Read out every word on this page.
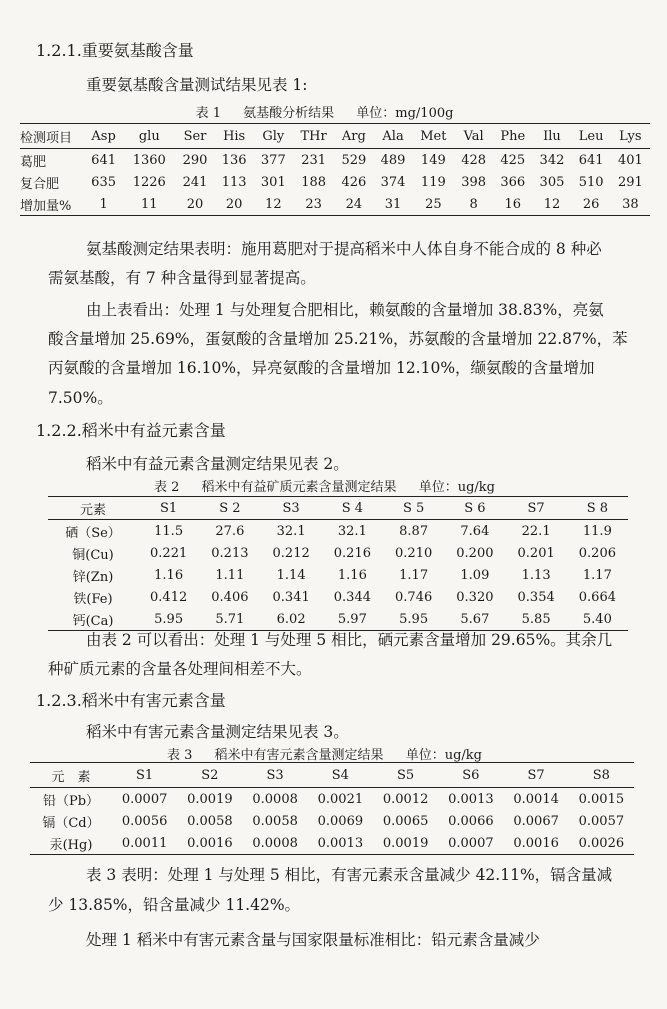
1.2.1.重要氨基酸含量
重要氨基酸含量测试结果见表 1:
表 1 氨基酸分析结果 单位：mg/100g
检测项目	Asp	glu	Ser	His	Gly	THr	Arg	Ala	Met	Val	Phe	Ilu	Leu	Lys
葛肥	641	1360	290	136	377	231	529	489	149	428	425	342	641	401
复合肥	635	1226	241	113	301	188	426	374	119	398	366	305	510	291
增加量%	1	11	20	20	12	23	24	31	25	8	16	12	26	38
氨基酸测定结果表明：施用葛肥对于提高稻米中人体自身不能合成的 8 种必
需氨基酸，有 7 种含量得到显著提高。
由上表看出：处理 1 与处理复合肥相比，赖氨酸的含量增加 38.83%，亮氨
酸含量增加 25.69%，蛋氨酸的含量增加 25.21%，苏氨酸的含量增加 22.87%，苯
丙氨酸的含量增加 16.10%，异亮氨酸的含量增加 12.10%，缬氨酸的含量增加
7.50%。
1.2.2.稻米中有益元素含量
稻米中有益元素含量测定结果见表 2。
表 2 稻米中有益矿质元素含量测定结果 单位：ug/kg
元素	S1	S 2	S3	S 4	S 5	S 6	S7	S 8
硒（Se）	11.5	27.6	32.1	32.1	8.87	7.64	22.1	11.9
铜(Cu)	0.221	0.213	0.212	0.216	0.210	0.200	0.201	0.206
锌(Zn)	1.16	1.11	1.14	1.16	1.17	1.09	1.13	1.17
铁(Fe)	0.412	0.406	0.341	0.344	0.746	0.320	0.354	0.664
钙(Ca)	5.95	5.71	6.02	5.97	5.95	5.67	5.85	5.40
由表 2 可以看出：处理 1 与处理 5 相比，硒元素含量增加 29.65%。其余几
种矿质元素的含量各处理间相差不大。
1.2.3.稻米中有害元素含量
稻米中有害元素含量测定结果见表 3。
表 3 稻米中有害元素含量测定结果 单位：ug/kg
元　素	S1	S2	S3	S4	S5	S6	S7	S8
铅（Pb）	0.0007	0.0019	0.0008	0.0021	0.0012	0.0013	0.0014	0.0015
镉（Cd）	0.0056	0.0058	0.0058	0.0069	0.0065	0.0066	0.0067	0.0057
汞(Hg)	0.0011	0.0016	0.0008	0.0013	0.0019	0.0007	0.0016	0.0026
表 3 表明：处理 1 与处理 5 相比，有害元素汞含量减少 42.11%，镉含量减
少 13.85%，铅含量减少 11.42%。
处理 1 稻米中有害元素含量与国家限量标准相比：铅元素含量减少
